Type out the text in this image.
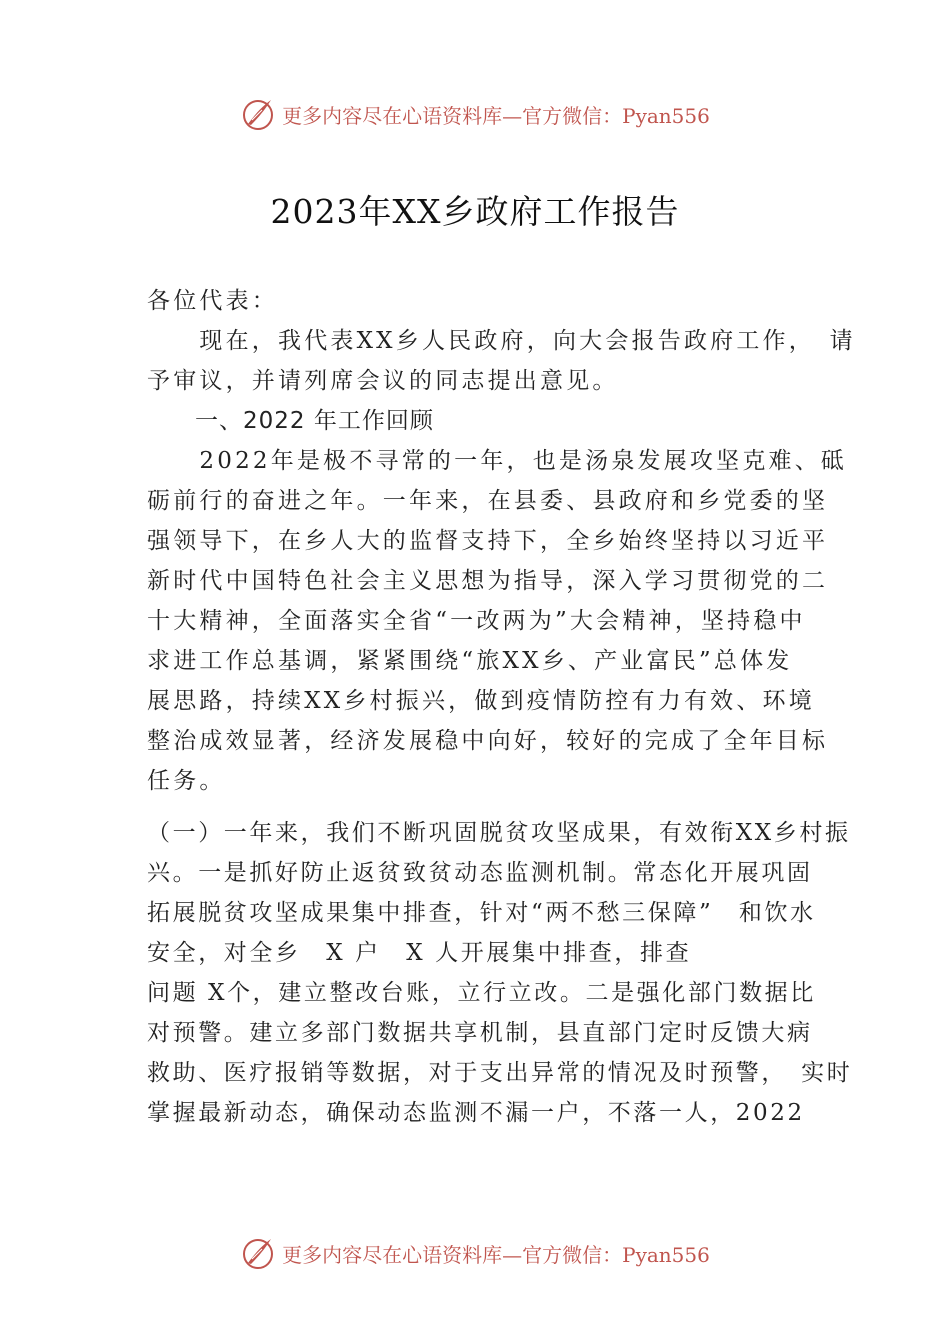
更多内容尽在心语资料库—官方微信：Pyan556
2023年XX乡政府工作报告
各位代表：
　　现在，我代表XX乡人民政府，向大会报告政府工作，　请
予审议，并请列席会议的同志提出意见。
　　一、2022 年工作回顾
　　2022年是极不寻常的一年，也是汤泉发展攻坚克难、砥
砺前行的奋进之年。一年来，在县委、县政府和乡党委的坚
强领导下，在乡人大的监督支持下，全乡始终坚持以习近平
新时代中国特色社会主义思想为指导，深入学习贯彻党的二
十大精神，全面落实全省“一改两为”大会精神，坚持稳中
求进工作总基调，紧紧围绕“旅XX乡、产业富民”总体发
展思路，持续XX乡村振兴，做到疫情防控有力有效、环境
整治成效显著，经济发展稳中向好，较好的完成了全年目标
任务。
（一）一年来，我们不断巩固脱贫攻坚成果，有效衔XX乡村振
兴。一是抓好防止返贫致贫动态监测机制。常态化开展巩固
拓展脱贫攻坚成果集中排查，针对“两不愁三保障”　和饮水
安全，对全乡　X 户　X 人开展集中排查，排查
问题 X个，建立整改台账，立行立改。二是强化部门数据比
对预警。建立多部门数据共享机制，县直部门定时反馈大病
救助、医疗报销等数据，对于支出异常的情况及时预警，　实时
掌握最新动态，确保动态监测不漏一户，不落一人，2022
更多内容尽在心语资料库—官方微信：Pyan556
